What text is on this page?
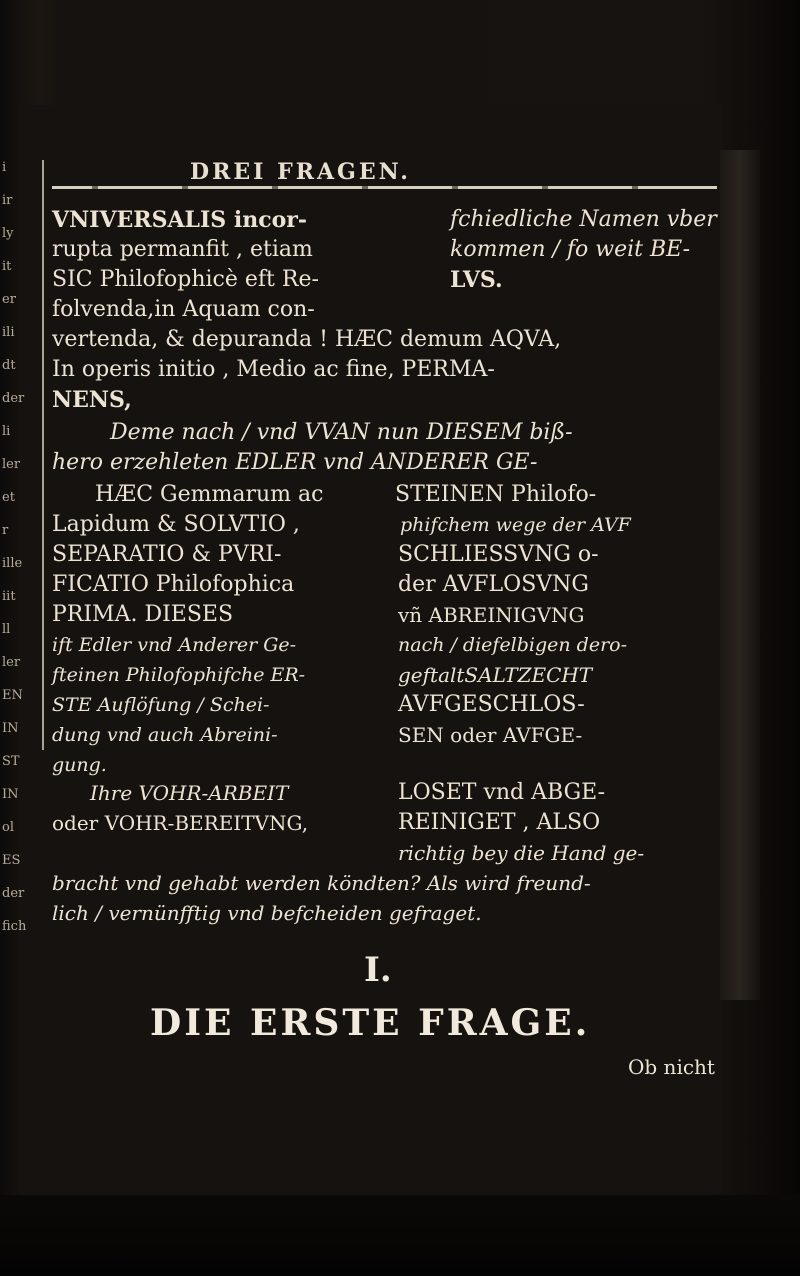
i
ir
ly
it
er
ili
dt
der
li
ler
et
r
ille
iit
ll
ler
EN
IN
ST
IN
ol
ES
der
fich
DREI FRAGEN.
VNIVERSALIS incor-	fchiedliche Namen vber
rupta permanfit , etiam	kommen / fo weit BE-
SIC Philofophicè eft Re-	LVS.
folvenda,in Aquam con-
vertenda, & depuranda ! HÆC demum AQVA,
In operis initio , Medio ac fine, PERMA-
NENS,
Deme nach / vnd VVAN nun DIESEM biß-
hero erzehleten EDLER vnd ANDERER GE-
HÆC Gemmarum ac	STEINEN Philofo-
Lapidum & SOLVTIO ,	phifchem wege der AVF
SEPARATIO & PVRI-	SCHLIESSVNG o-
FICATIO Philofophica	der AVFLOSVNG
PRIMA. DIESES	vñ ABREINIGVNG
ift Edler vnd Anderer Ge-	nach / diefelbigen dero-
fteinen Philofophifche ER-	geftaltSALTZECHT
STE Auflöfung / Schei-	AVFGESCHLOS-
dung vnd auch Abreini-	SEN oder AVFGE-
gung.
Ihre VOHR-ARBEIT	LOSET vnd ABGE-
oder VOHR-BEREITVNG,	REINIGET , ALSO
richtig bey die Hand ge-
bracht vnd gehabt werden köndten? Als wird freund-
lich / vernünfftig vnd befcheiden gefraget.
I.
DIE ERSTE FRAGE.
Ob nicht
